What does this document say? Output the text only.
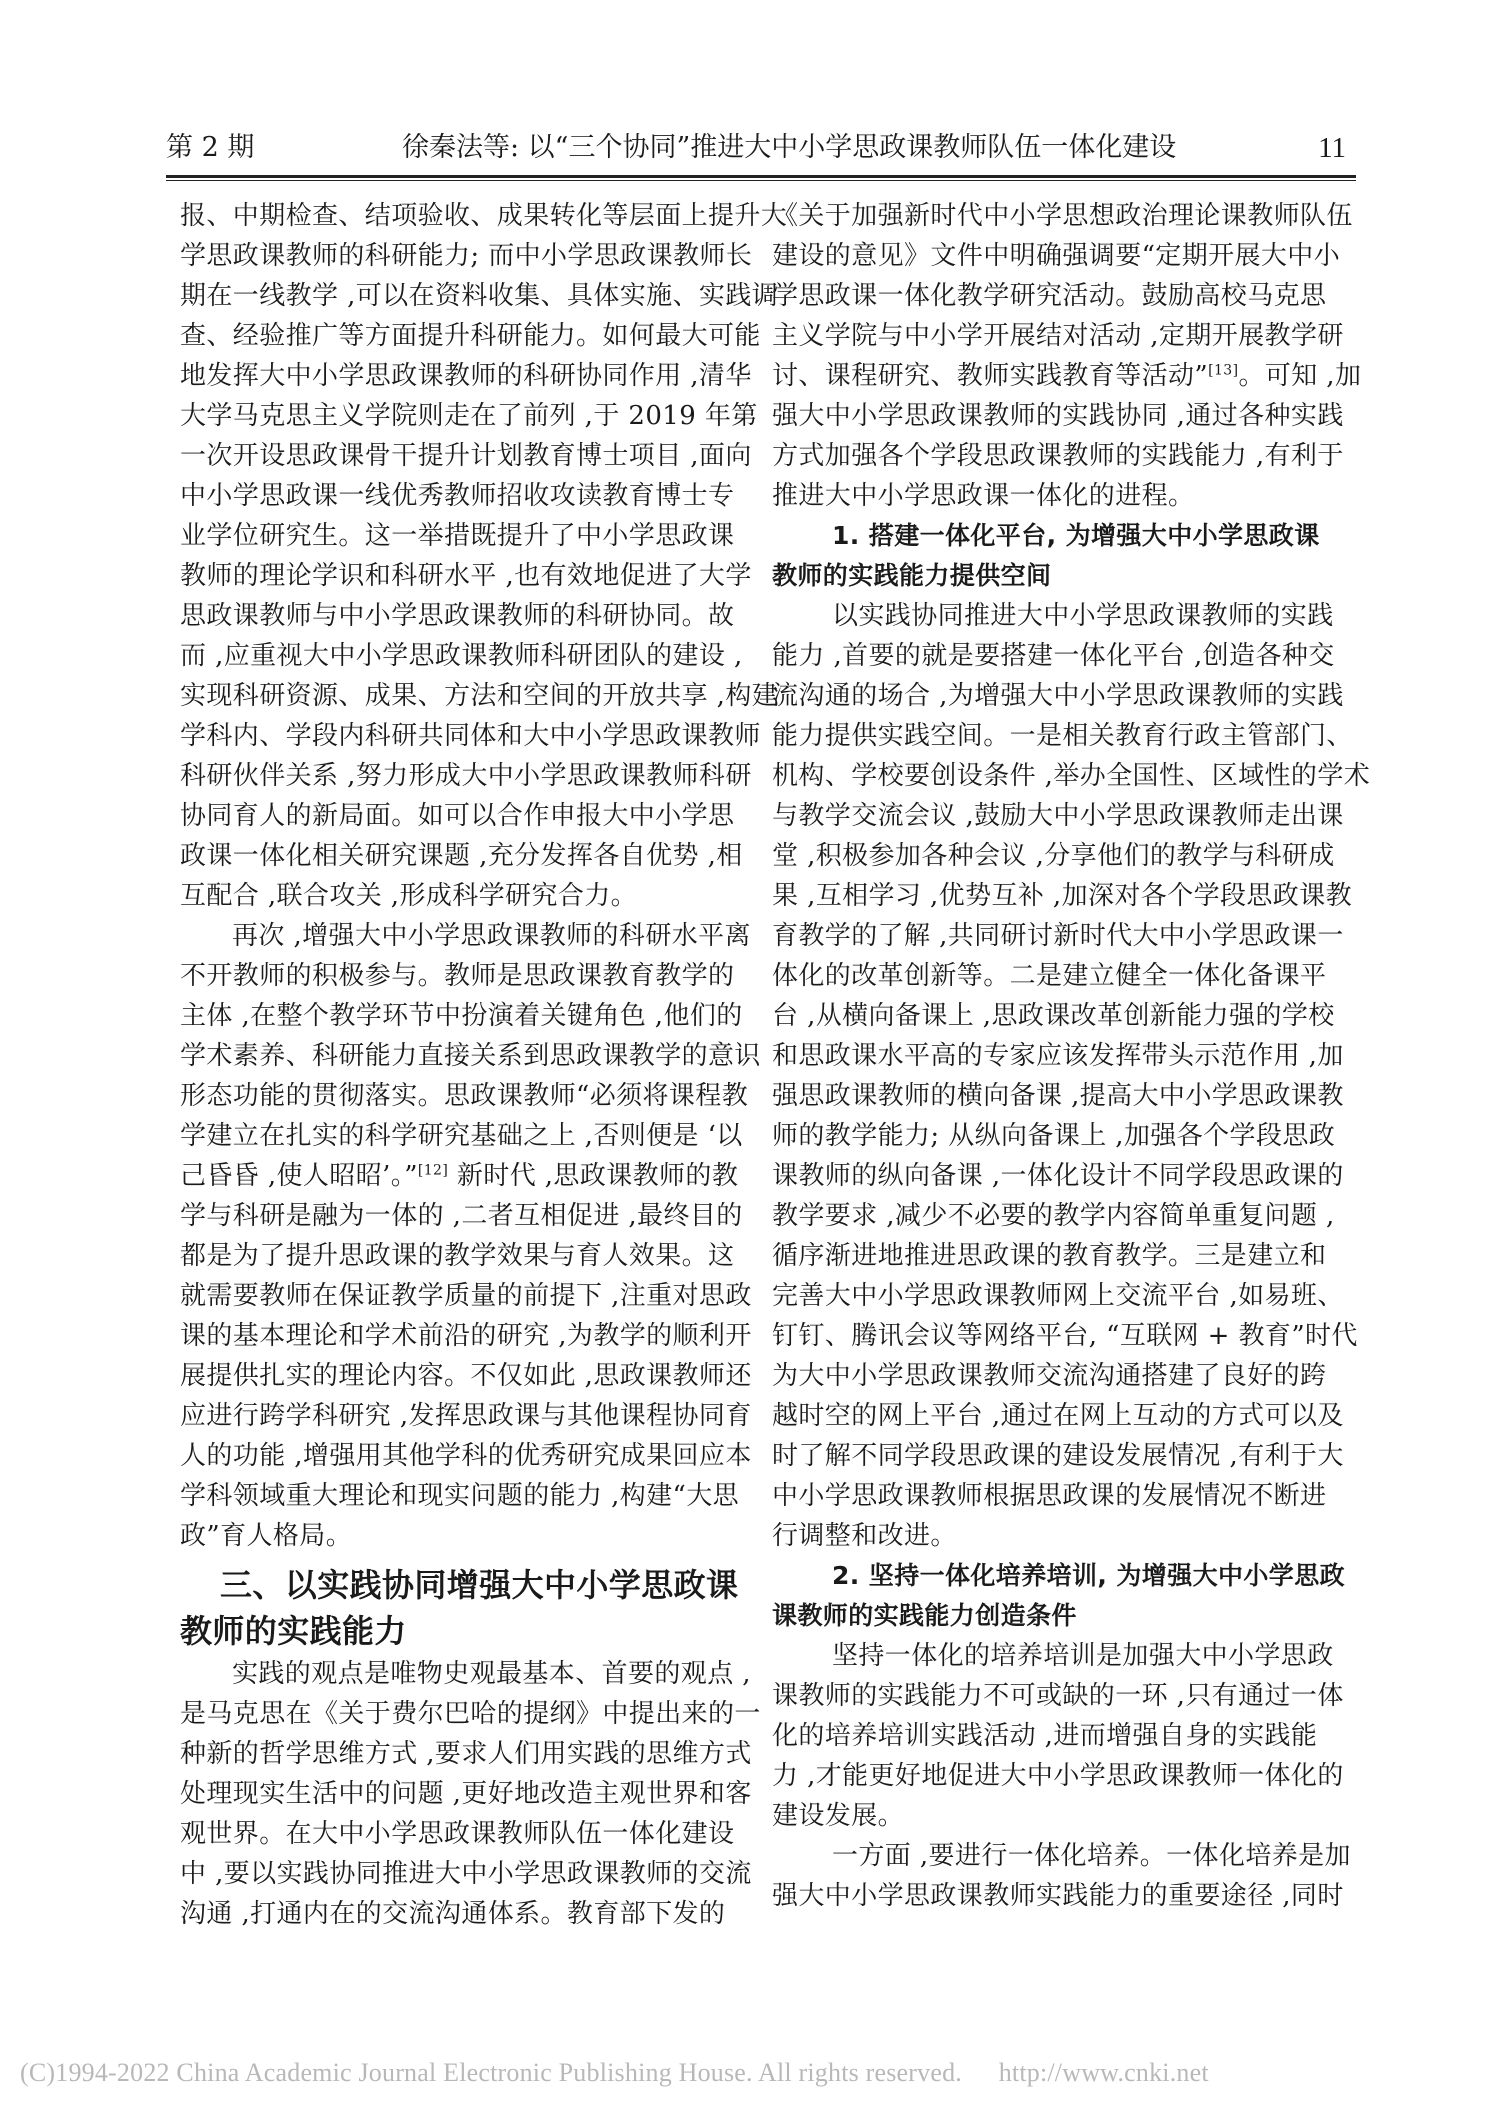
第 2 期	徐秦法等: 以“三个协同”推进大中小学思政课教师队伍一体化建设	11
报、中期检查、结项验收、成果转化等层面上提升大
学思政课教师的科研能力; 而中小学思政课教师长
期在一线教学 ,可以在资料收集、具体实施、实践调
查、经验推广等方面提升科研能力。如何最大可能
地发挥大中小学思政课教师的科研协同作用 ,清华
大学马克思主义学院则走在了前列 ,于 2019 年第
一次开设思政课骨干提升计划教育博士项目 ,面向
中小学思政课一线优秀教师招收攻读教育博士专
业学位研究生。这一举措既提升了中小学思政课
教师的理论学识和科研水平 ,也有效地促进了大学
思政课教师与中小学思政课教师的科研协同。故
而 ,应重视大中小学思政课教师科研团队的建设 ,
实现科研资源、成果、方法和空间的开放共享 ,构建
学科内、学段内科研共同体和大中小学思政课教师
科研伙伴关系 ,努力形成大中小学思政课教师科研
协同育人的新局面。如可以合作申报大中小学思
政课一体化相关研究课题 ,充分发挥各自优势 ,相
互配合 ,联合攻关 ,形成科学研究合力。
再次 ,增强大中小学思政课教师的科研水平离
不开教师的积极参与。教师是思政课教育教学的
主体 ,在整个教学环节中扮演着关键角色 ,他们的
学术素养、科研能力直接关系到思政课教学的意识
形态功能的贯彻落实。思政课教师“必须将课程教
学建立在扎实的科学研究基础之上 ,否则便是 ‘以
己昏昏 ,使人昭昭’。”[12] 新时代 ,思政课教师的教
学与科研是融为一体的 ,二者互相促进 ,最终目的
都是为了提升思政课的教学效果与育人效果。这
就需要教师在保证教学质量的前提下 ,注重对思政
课的基本理论和学术前沿的研究 ,为教学的顺利开
展提供扎实的理论内容。不仅如此 ,思政课教师还
应进行跨学科研究 ,发挥思政课与其他课程协同育
人的功能 ,增强用其他学科的优秀研究成果回应本
学科领域重大理论和现实问题的能力 ,构建“大思
政”育人格局。
三、以实践协同增强大中小学思政课
教师的实践能力
实践的观点是唯物史观最基本、首要的观点 ,
是马克思在《关于费尔巴哈的提纲》中提出来的一
种新的哲学思维方式 ,要求人们用实践的思维方式
处理现实生活中的问题 ,更好地改造主观世界和客
观世界。在大中小学思政课教师队伍一体化建设
中 ,要以实践协同推进大中小学思政课教师的交流
沟通 ,打通内在的交流沟通体系。教育部下发的
《关于加强新时代中小学思想政治理论课教师队伍
建设的意见》文件中明确强调要“定期开展大中小
学思政课一体化教学研究活动。鼓励高校马克思
主义学院与中小学开展结对活动 ,定期开展教学研
讨、课程研究、教师实践教育等活动”[13]。可知 ,加
强大中小学思政课教师的实践协同 ,通过各种实践
方式加强各个学段思政课教师的实践能力 ,有利于
推进大中小学思政课一体化的进程。
1. 搭建一体化平台, 为增强大中小学思政课
教师的实践能力提供空间
以实践协同推进大中小学思政课教师的实践
能力 ,首要的就是要搭建一体化平台 ,创造各种交
流沟通的场合 ,为增强大中小学思政课教师的实践
能力提供实践空间。一是相关教育行政主管部门、
机构、学校要创设条件 ,举办全国性、区域性的学术
与教学交流会议 ,鼓励大中小学思政课教师走出课
堂 ,积极参加各种会议 ,分享他们的教学与科研成
果 ,互相学习 ,优势互补 ,加深对各个学段思政课教
育教学的了解 ,共同研讨新时代大中小学思政课一
体化的改革创新等。二是建立健全一体化备课平
台 ,从横向备课上 ,思政课改革创新能力强的学校
和思政课水平高的专家应该发挥带头示范作用 ,加
强思政课教师的横向备课 ,提高大中小学思政课教
师的教学能力; 从纵向备课上 ,加强各个学段思政
课教师的纵向备课 ,一体化设计不同学段思政课的
教学要求 ,减少不必要的教学内容简单重复问题 ,
循序渐进地推进思政课的教育教学。三是建立和
完善大中小学思政课教师网上交流平台 ,如易班、
钉钉、腾讯会议等网络平台, “互联网 + 教育”时代
为大中小学思政课教师交流沟通搭建了良好的跨
越时空的网上平台 ,通过在网上互动的方式可以及
时了解不同学段思政课的建设发展情况 ,有利于大
中小学思政课教师根据思政课的发展情况不断进
行调整和改进。
2. 坚持一体化培养培训, 为增强大中小学思政
课教师的实践能力创造条件
坚持一体化的培养培训是加强大中小学思政
课教师的实践能力不可或缺的一环 ,只有通过一体
化的培养培训实践活动 ,进而增强自身的实践能
力 ,才能更好地促进大中小学思政课教师一体化的
建设发展。
一方面 ,要进行一体化培养。一体化培养是加
强大中小学思政课教师实践能力的重要途径 ,同时
(C)1994-2022 China Academic Journal Electronic Publishing House. All rights reserved. http://www.cnki.net
